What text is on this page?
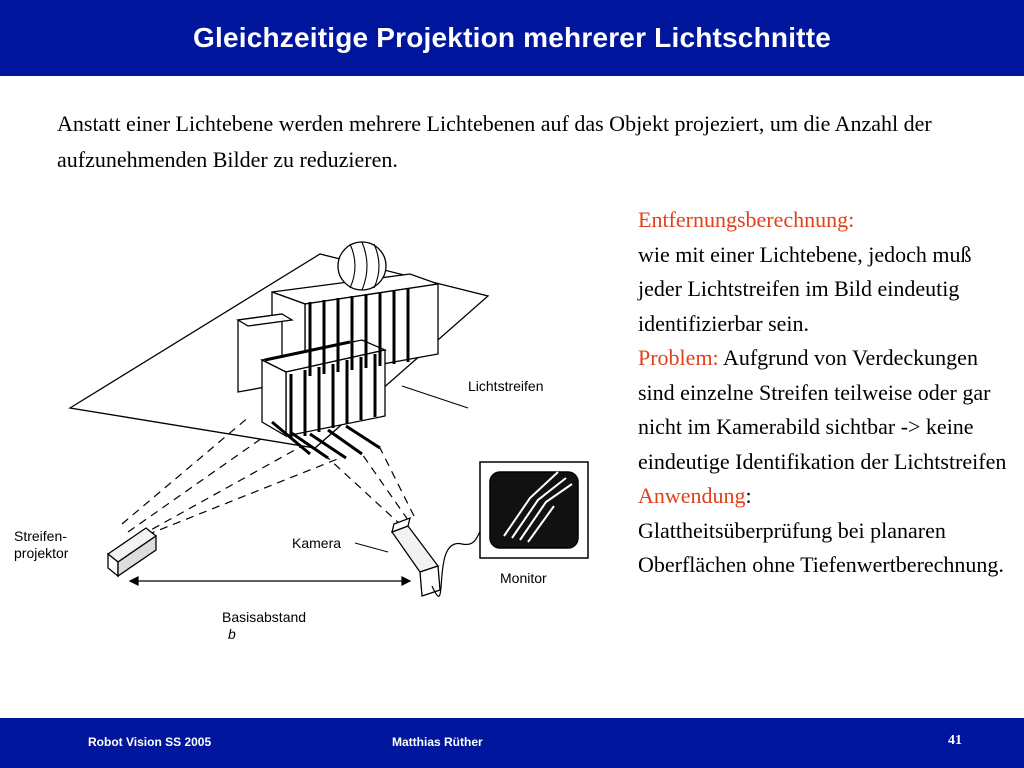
Gleichzeitige Projektion mehrerer Lichtschnitte

Anstatt einer Lichtebene werden mehrere Lichtebenen auf das Objekt projeziert, um die Anzahl der aufzunehmenden Bilder zu reduzieren.

Lichtstreifen
Streifen-
projektor
Kamera
Monitor

Basisabstand
b

Entfernungsberechnung:
wie mit einer Lichtebene, jedoch muß jeder Lichtstreifen im Bild eindeutig identifizierbar sein.
Problem: Aufgrund von Verdeckungen sind einzelne Streifen teilweise oder gar nicht im Kamerabild sichtbar -> keine eindeutige Identifikation der Lichtstreifen
Anwendung:
Glattheitsüberprüfung bei planaren Oberflächen ohne Tiefenwertberechnung.

Robot Vision SS 2005	Matthias Rüther	41
